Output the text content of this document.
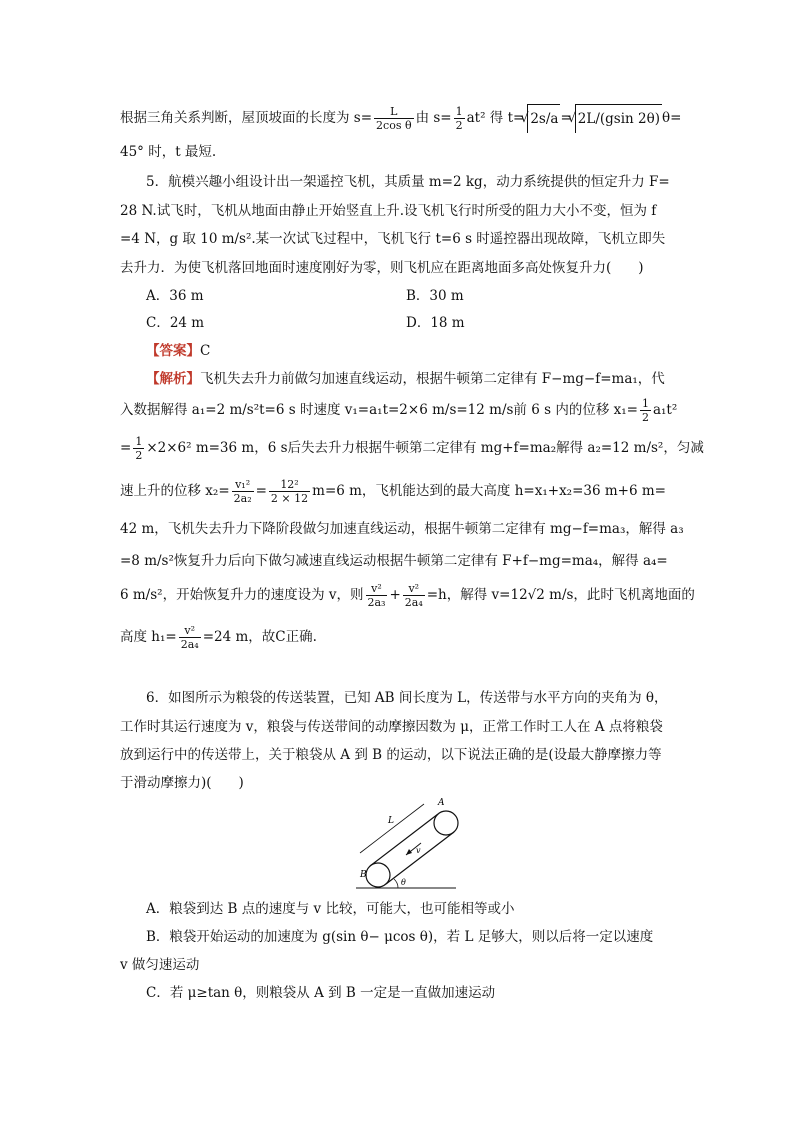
根据三角关系判断，屋顶坡面的长度为 $s= \frac{L}{\text{2cos θ}}$ 由 $s= \frac{1}{2} at^2$ 得 t= √ 2s/a = √ 2L/(gsin 2θ) θ=

45° 时，t 最短.

5．航模兴趣小组设计出一架遥控飞机，其质量 m=2 kg，动力系统提供的恒定升力 F=

28 N.试飞时，飞机从地面由静止开始竖直上升.设飞机飞行时所受的阻力大小不变，恒为 f

=4 N，g 取 10 m/s².某一次试飞过程中，飞机飞行 t=6 s 时遥控器出现故障，飞机立即失

去升力．为使飞机落回地面时速度刚好为零，则飞机应在距离地面多高处恢复升力(　　)

A．36 m	B．30 m
C．24 m	D．18 m

【答案】C

【解析】飞机失去升力前做匀加速直线运动，根据牛顿第二定律有 F−mg−f=ma₁，代

入数据解得 a₁=2 m/s²t=6 s 时速度 v₁=a₁t=2×6 m/s=12 m/s前 6 s 内的位移 $x_1= \frac{1}{2} a_1t^2$

= $\frac{1}{2} \times 2\times 6^2$ m=36 m，6 s后失去升力根据牛顿第二定律有 mg+f=ma₂解得 a₂=12 m/s²，匀减

速上升的位移 $x_2= \frac{\text{v₁²}}{\text{2a₂}} = \frac{\text{12²}}{2 \times 12} m=6$ m，飞机能达到的最大高度 h=x₁+x₂=36 m+6 m=

42 m，飞机失去升力下降阶段做匀加速直线运动，根据牛顿第二定律有 mg−f=ma₃，解得 a₃

=8 m/s²恢复升力后向下做匀减速直线运动根据牛顿第二定律有 F+f−mg=ma₄，解得 a₄=

6 m/s²，开始恢复升力的速度设为 v，则 $\frac{\text{v²}}{\text{2a₃}} + \frac{\text{v²}}{\text{2a₄}} =h$，解得 v=12√2 m/s，此时飞机离地面的

高度 $h_1= \frac{\text{v²}}{\text{2a₄}} =24$ m，故C正确.

6．如图所示为粮袋的传送装置，已知 AB 间长度为 L，传送带与水平方向的夹角为 θ，

工作时其运行速度为 v，粮袋与传送带间的动摩擦因数为 μ，正常工作时工人在 A 点将粮袋

放到运行中的传送带上，关于粮袋从 A 到 B 的运动，以下说法正确的是(设最大静摩擦力等

于滑动摩擦力)(　　)

A
B
L
v
θ

A．粮袋到达 B 点的速度与 v 比较，可能大，也可能相等或小

B．粮袋开始运动的加速度为 g(sin θ− μcos θ)，若 L 足够大，则以后将一定以速度

v 做匀速运动

C．若 μ≥tan θ，则粮袋从 A 到 B 一定是一直做加速运动
